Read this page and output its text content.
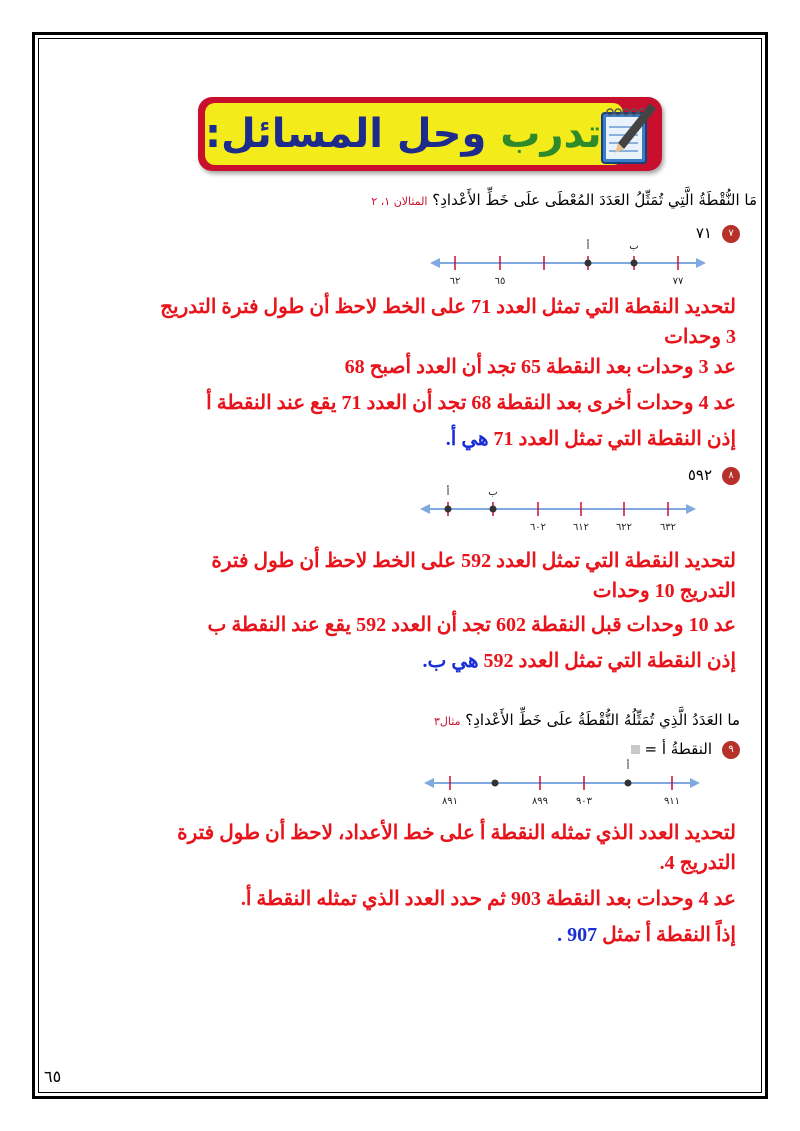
تدرب وحل المسائل:
مَا النُّقْطَةُ الَّتِي تُمَثِّلُ العَدَدَ المُعْطَى علَى خَطِّ الأَعْدادِ؟ المثالان ١، ٢
٧
٧١
أ	ب
٦٢	٦٥	٧٧
لتحديد النقطة التي تمثل العدد 71 على الخط لاحظ أن طول فترة التدريج 3 وحدات
عد 3 وحدات بعد النقطة 65 تجد أن العدد أصبح 68
عد 4 وحدات أخرى بعد النقطة 68 تجد أن العدد 71 يقع عند النقطة أ
إذن النقطة التي تمثل العدد 71 هي أ.
٨
٥٩٢
أ	ب
٦٠٢	٦١٢	٦٢٢	٦٣٢
لتحديد النقطة التي تمثل العدد 592 على الخط لاحظ أن طول فترة التدريج 10 وحدات
عد 10 وحدات قبل النقطة 602 تجد أن العدد 592 يقع عند النقطة ب
إذن النقطة التي تمثل العدد 592 هي ب.
ما العَدَدُ الَّذِي تُمَثِّلُهُ النُّقْطَةُ علَى خَطِّ الأَعْدادِ؟ مثال٣
٩
النقطةُ أ =
أ
٨٩١	٨٩٩	٩٠٣	٩١١
لتحديد العدد الذي تمثله النقطة أ على خط الأعداد، لاحظ أن طول فترة التدريج 4.
عد 4 وحدات بعد النقطة 903 ثم حدد العدد الذي تمثله النقطة أ.
إذاً النقطة أ تمثل 907 .
٦٥
